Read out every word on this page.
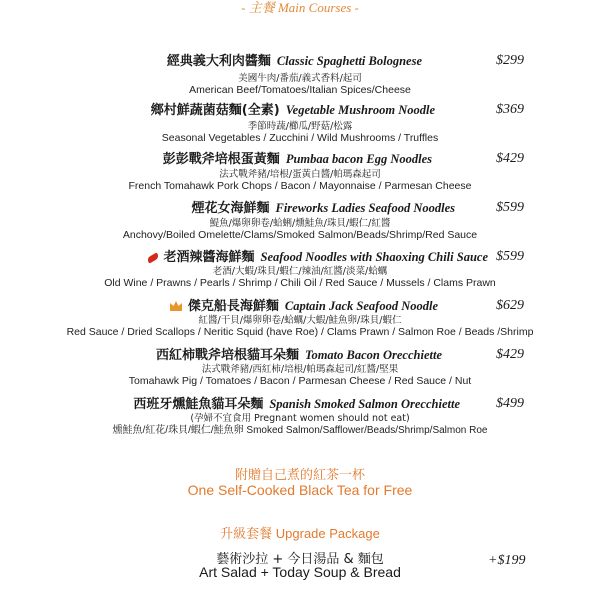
- 主餐 Main Courses -
經典義大利肉醬麵 Classic Spaghetti Bolognese	$299
美國牛肉/番茄/義式香料/起司
American Beef/Tomatoes/Italian Spices/Cheese
鄉村鮮蔬菌菇麵(全素) Vegetable Mushroom Noodle	$369
季節時蔬/櫛瓜/野菇/松露
Seasonal Vegetables / Zucchini / Wild Mushrooms / Truffles
彭彭戰斧培根蛋黃麵 Pumbaa bacon Egg Noodles	$429
法式戰斧豬/培根/蛋黃白醬/帕瑪森起司
French Tomahawk Pork Chops / Bacon / Mayonnaise / Parmesan Cheese
煙花女海鮮麵 Fireworks Ladies Seafood Noodles	$599
鯷魚/爆卵卵卷/蛤蜊/燻鮭魚/珠貝/蝦仁/紅醬
Anchovy/Boiled Omelette/Clams/Smoked Salmon/Beads/Shrimp/Red Sauce
老酒辣醬海鮮麵 Seafood Noodles with Shaoxing Chili Sauce $599
老酒/大蝦/珠貝/蝦仁/辣油/紅醬/淡菜/蛤蠣
Old Wine / Prawns / Pearls / Shrimp / Chili Oil / Red Sauce / Mussels / Clams Prawn
傑克船長海鮮麵 Captain Jack Seafood Noodle	$629
紅醬/干貝/爆卵卵卷/蛤蠣/大蝦/鮭魚卵/珠貝/蝦仁
Red Sauce / Dried Scallops / Neritic Squid (have Roe) / Clams Prawn / Salmon Roe / Beads /Shrimp
西紅柿戰斧培根貓耳朵麵 Tomato Bacon Orecchiette	$429
法式戰斧豬/西紅柿/培根/帕瑪森起司/紅醬/堅果
Tomahawk Pig / Tomatoes / Bacon / Parmesan Cheese / Red Sauce / Nut
西班牙燻鮭魚貓耳朵麵 Spanish Smoked Salmon Orecchiette	$499
(孕婦不宜食用 Pregnant women should not eat)
燻鮭魚/紅花/珠貝/蝦仁/鮭魚卵 Smoked Salmon/Safflower/Beads/Shrimp/Salmon Roe
附贈自己煮的紅茶一杯
One Self-Cooked Black Tea for Free
升級套餐 Upgrade Package
藝術沙拉 + 今日湯品 & 麵包
Art Salad + Today Soup & Bread
+$199
